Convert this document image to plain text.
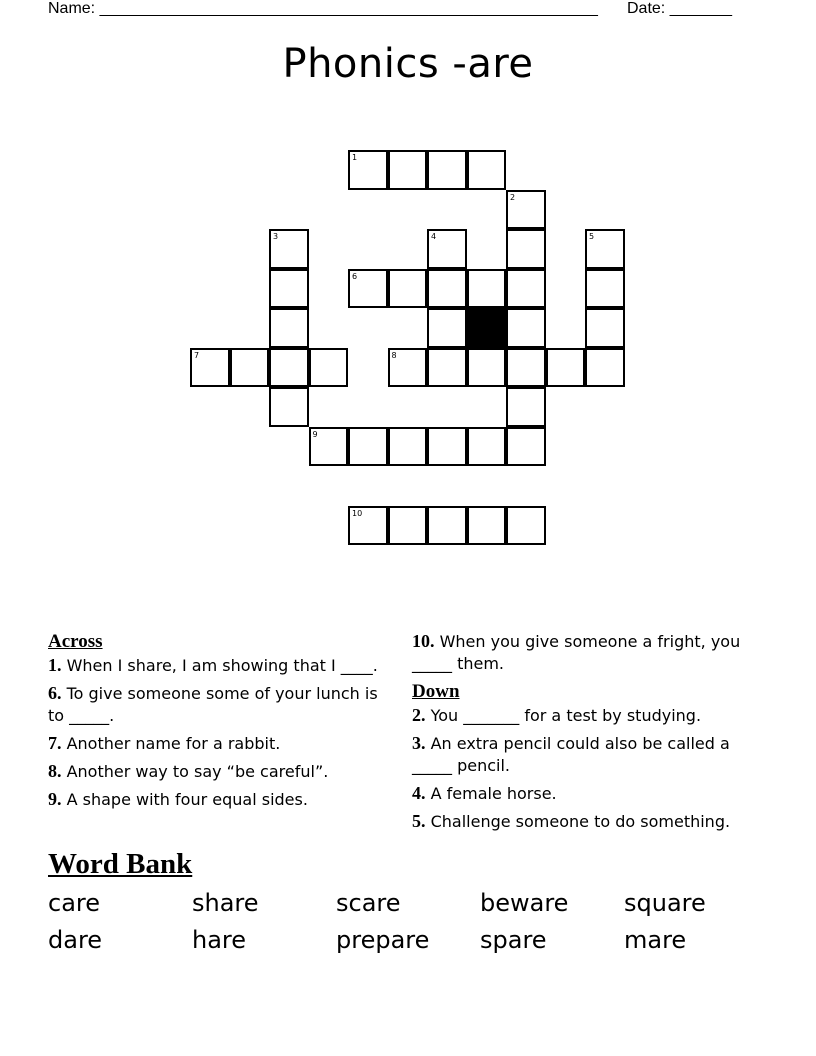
Name: ________________________________________________________ Date: _______
Phonics -are
1
2
3	4	5
6
7	8
9
10
Across
1. When I share, I am showing that I ____.
6. To give someone some of your lunch is to _____.
7. Another name for a rabbit.
8. Another way to say “be careful”.
9. A shape with four equal sides.
10. When you give someone a fright, you _____ them.
Down
2. You _______ for a test by studying.
3. An extra pencil could also be called a _____ pencil.
4. A female horse.
5. Challenge someone to do something.
Word Bank
care	share	scare	beware square
dare	hare	prepare spare	mare
